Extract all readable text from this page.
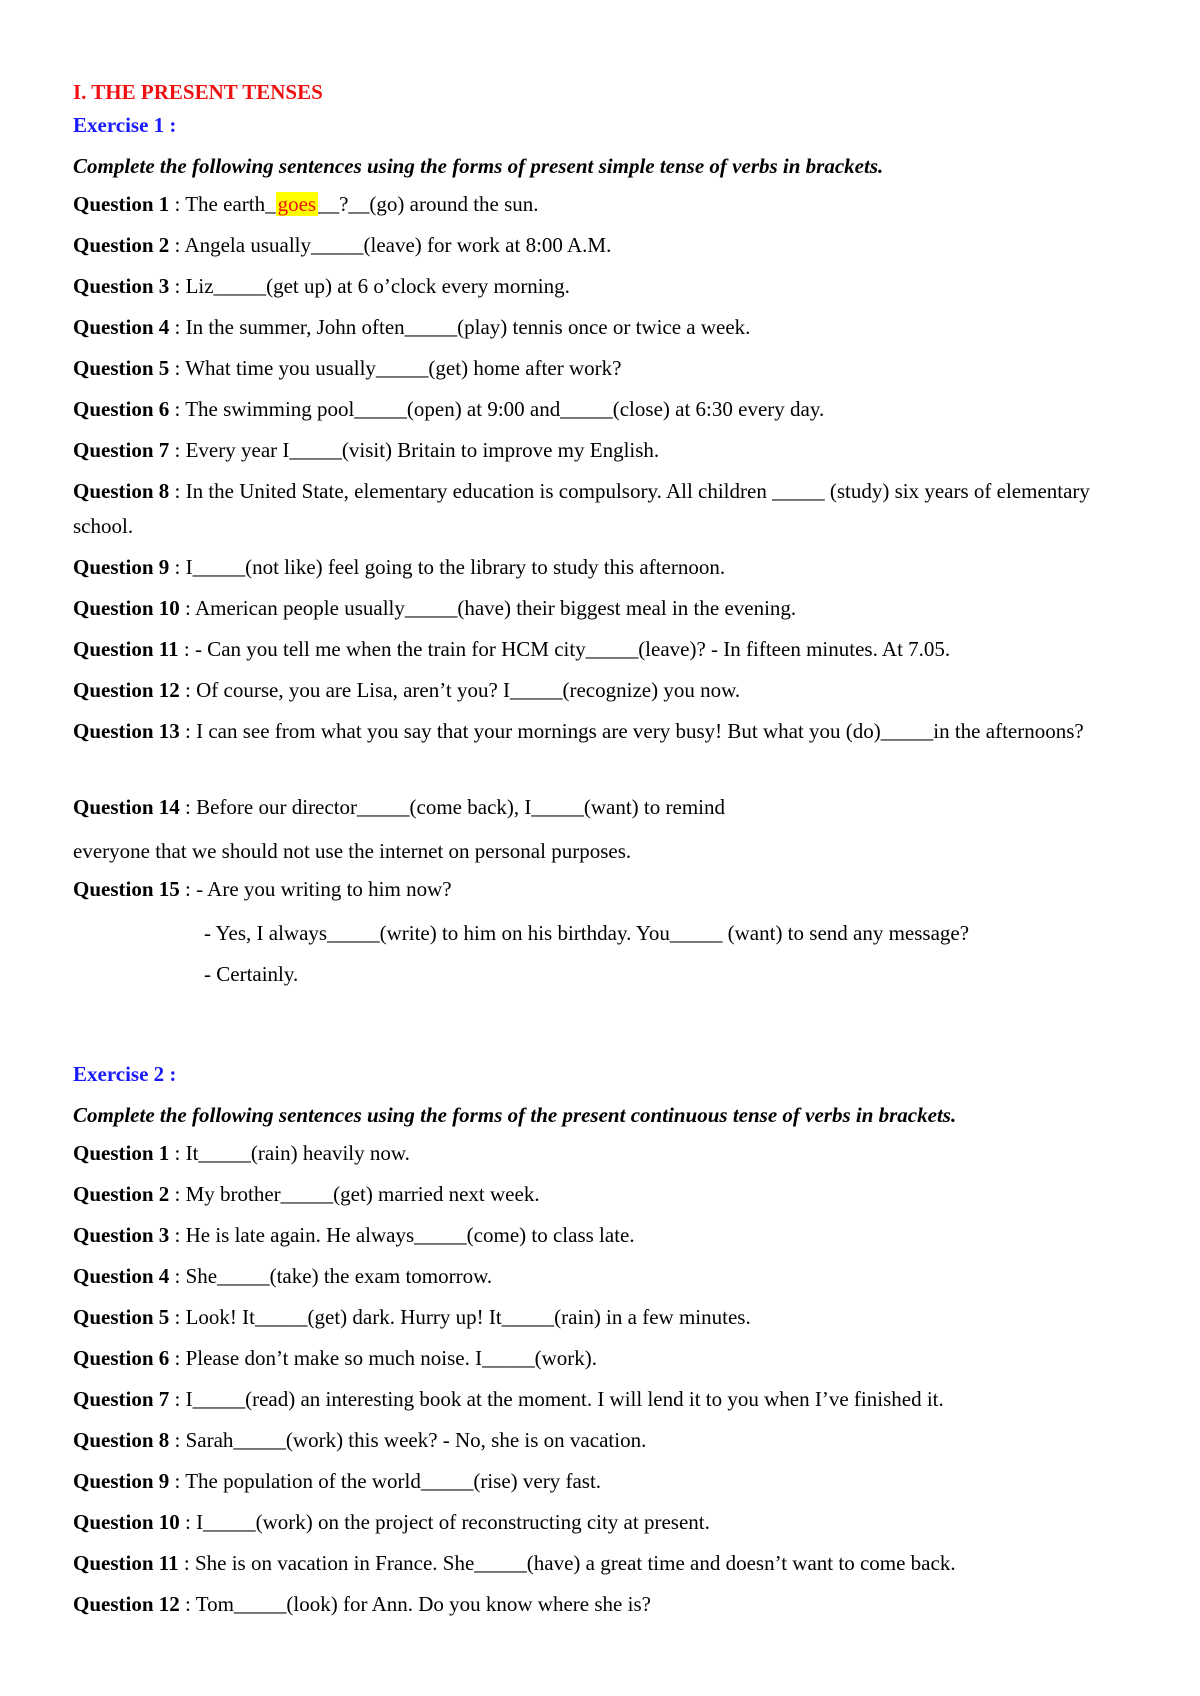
I. THE PRESENT TENSES

Exercise 1 :

Complete the following sentences using the forms of present simple tense of verbs in brackets.

Question 1 : The earth_goes__?__(go) around the sun.

Question 2 : Angela usually_____(leave) for work at 8:00 A.M.

Question 3 : Liz_____(get up) at 6 o’clock every morning.

Question 4 : In the summer, John often_____(play) tennis once or twice a week.

Question 5 : What time you usually_____(get) home after work?

Question 6 : The swimming pool_____(open) at 9:00 and_____(close) at 6:30 every day.

Question 7 : Every year I_____(visit) Britain to improve my English.

Question 8 : In the United State, elementary education is compulsory. All children _____ (study) six years of elementary school.

Question 9 : I_____(not like) feel going to the library to study this afternoon.

Question 10 : American people usually_____(have) their biggest meal in the evening.

Question 11 : - Can you tell me when the train for HCM city_____(leave)? - In fifteen minutes. At 7.05.

Question 12 : Of course, you are Lisa, aren’t you? I_____(recognize) you now.

Question 13 : I can see from what you say that your mornings are very busy! But what you (do)_____in the afternoons?

Question 14 : Before our director_____(come back), I_____(want) to remind

everyone that we should not use the internet on personal purposes.

Question 15 : - Are you writing to him now?

- Yes, I always_____(write) to him on his birthday. You_____ (want) to send any message?

- Certainly.

Exercise 2 :

Complete the following sentences using the forms of the present continuous tense of verbs in brackets.

Question 1 : It_____(rain) heavily now.

Question 2 : My brother_____(get) married next week.

Question 3 : He is late again. He always_____(come) to class late.

Question 4 : She_____(take) the exam tomorrow.

Question 5 : Look! It_____(get) dark. Hurry up! It_____(rain) in a few minutes.

Question 6 : Please don’t make so much noise. I_____(work).

Question 7 : I_____(read) an interesting book at the moment. I will lend it to you when I’ve finished it.

Question 8 : Sarah_____(work) this week? - No, she is on vacation.

Question 9 : The population of the world_____(rise) very fast.

Question 10 : I_____(work) on the project of reconstructing city at present.

Question 11 : She is on vacation in France. She_____(have) a great time and doesn’t want to come back.

Question 12 : Tom_____(look) for Ann. Do you know where she is?
